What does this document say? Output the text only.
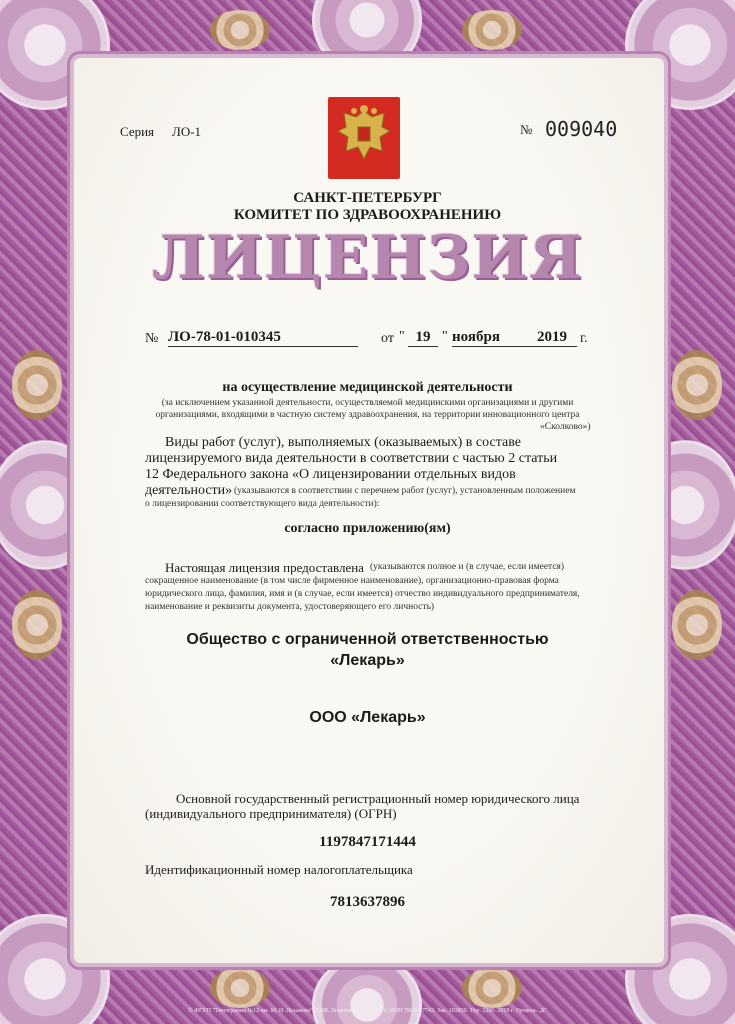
Серия ЛО-1	№ 009040
САНКТ-ПЕТЕРБУРГ
КОМИТЕТ ПО ЗДРАВООХРАНЕНИЮ
ЛИЦЕНЗИЯ
№ ЛО-78-01-010345	от " 19 " ноября	2019 г.
на осуществление медицинской деятельности
(за исключением указанной деятельности, осуществляемой медицинскими организациями и другими
организациями, входящими в частную систему здравоохранения, на территории инновационного центра
«Сколково»)
Виды работ (услуг), выполняемых (оказываемых) в составе
лицензируемого вида деятельности в соответствии с частью 2 статьи
12 Федерального закона «О лицензировании отдельных видов
деятельности» (указываются в соответствии с перечнем работ (услуг), установленным положением
о лицензировании соответствующего вида деятельности):
согласно приложению(ям)
Настоящая лицензия предоставлена (указываются полное и (в случае, если имеется)
сокращенное наименование (в том числе фирменное наименование), организационно-правовая форма
юридического лица, фамилия, имя и (в случае, если имеется) отчество индивидуального предпринимателя,
наименование и реквизиты документа, удостоверяющего его личность)
Общество с ограниченной ответственностью
«Лекарь»
ООО «Лекарь»
Основной государственный регистрационный номер юридического лица
(индивидуального предпринимателя) (ОГРН)
1197847171444
Идентификационный номер налогоплательщика
7813637896
© ФГУП "Типография №12 им. М. И. Лоханова". 5188. Лицензия 05-05-06/19. ИНН 7808037743. Зак. 103859. Тир. 1200. 2019 г. Уровень „Б"
